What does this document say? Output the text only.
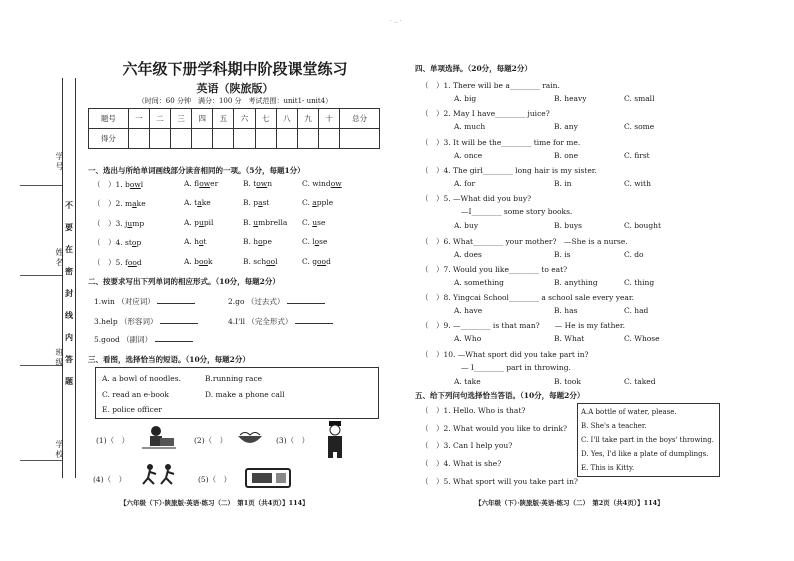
· ‥ ·
学号
姓名
班级
学校
不
要
在
密
封
线
内
答
题
六年级下册学科期中阶段课堂练习
英语（陕旅版）
（时间：60 分钟　满分：100 分　考试范围：unit1- unit4）
题号	一	二	三	四	五	六	七	八	九	十	总分
得分											
一、选出与所给单词画线部分读音相同的一项。（5分，每题1分）
（　）1. bowl	A. flower	B. town	C. window
（　）2. make	A. take	B. past	C. apple
（　）3. jump	A. pupil	B. umbrella C. use
（　）4. stop	A. hot	B. hope	C. lose
（　）5. food	A. book	B. school	C. good
二、按要求写出下列单词的相应形式。（10分，每题2分）
1.win （对应词）	2.go （过去式）
3.help （形容词）	4.I'll （完全形式）
5.good （副词）
三、看图，选择恰当的短语。（10分，每题2分）
A. a bowl of noodles.	B.running race
C. read an e-book	D. make a phone call
E. police officer
(1)（　）	(2)（　）	(3)（　）
(4)（　）	(5)（　）
【六年级（下）·陕旅版·英语·练习（二）　第1页（共4页）】114】
四、单项选择。（20分，每题2分）
（　）1. There will be a________ rain.
A. big	B. heavy	C. small
（　）2. May I have________ juice?
A. much	B. any	C. some
（　）3. It will be the________ time for me.
A. once	B. one	C. first
（　）4. The girl________ long hair is my sister.
A. for	B. in	C. with
（　）5. —What did you buy?
—I________ some story books.
A. buy	B. buys	C. bought
（　）6. What________ your mother?　—She is a nurse.
A. does	B. is	C. do
（　）7. Would you like________ to eat?
A. something	B. anything	C. thing
（　）8. Yingcai School________ a school sale every year.
A. have	B. has	C. had
（　）9. —________ is that man?　　— He is my father.
A. Who	B. What	C. Whose
（　）10. —What sport did you take part in?
— I________ part in throwing.
A. take	B. took	C. taked
五、给下列问句选择恰当答语。（10分，每题2分）
（　）1. Hello. Who is that?
（　）2. What would you like to drink?
（　）3. Can I help you?
（　）4. What is she?
（　）5. What sport will you take part in?
A.A bottle of water, please.
B. She's a teacher.
C. I'll take part in the boys' throwing.
D. Yes, I'd like a plate of dumplings.
E. This is Kitty.
【六年级（下）·陕旅版·英语·练习（二）　第2页（共4页）】114】
